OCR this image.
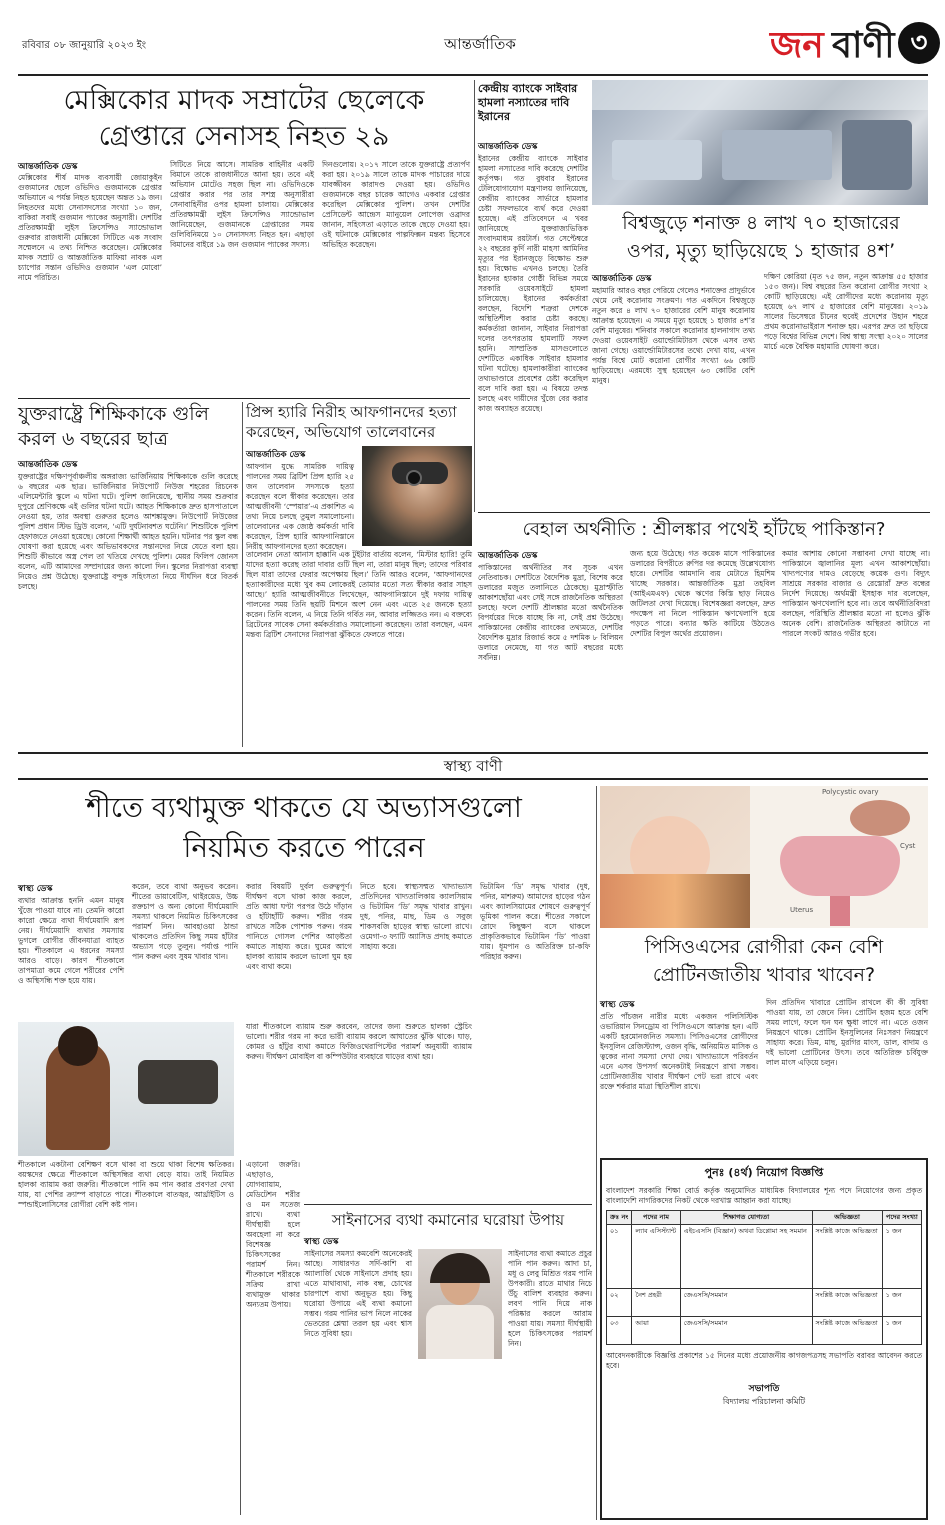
রবিবার ০৮ জানুয়ারি ২০২৩ ইং	আন্তর্জাতিক	জন বাণী ৩
মেক্সিকোর মাদক সম্রাটের ছেলেকে
গ্রেপ্তারে সেনাসহ নিহত ২৯
আন্তর্জাতিক ডেস্ক
মেক্সিকোর শীর্ষ মাদক ব্যবসায়ী জোয়াকুইন গুজমানের ছেলে ওভিদিও গুজমানকে গ্রেপ্তার অভিযানে এ পর্যন্ত নিহত হয়েছেন অন্তত ১৯ জন। নিহতদের মধ্যে সেনাসদস্যের সংখ্যা ১০ জন, বাকিরা সবাই গুজমান প্যাকের অনুসারী। দেশটির প্রতিরক্ষামন্ত্রী লুইস ক্রিসেন্সিও স্যান্ডোভাল গুরুবার রাজধানী মেক্সিকো সিটিতে এক সংবাদ সম্মেলনে এ তথ্য নিশ্চিত করেছেন। মেক্সিকোর মাদক সম্রাট ও আন্তর্জাতিক মাফিয়া নাবক এল চ্যাপোর সন্তান ওভিদিও গুজমান ‘এল মোবো’ নামে পরিচিত।
সিটিতে নিয়ে আসে। সামরিক বাহিনীর একটি বিমানে তাকে রাজধানীতে আনা হয়। তবে এই অভিযান মোটেও সহজ ছিল না। ওভিদিওকে গ্রেপ্তার করার পর তার সশস্ত্র অনুসারীরা সেনাবাহিনীর ওপর হামলা চালায়। মেক্সিকোর প্রতিরক্ষামন্ত্রী লুইস ক্রিসেন্সিও স্যান্ডোভাল জানিয়েছেন, গুজমানকে গ্রেপ্তারের সময় গুলিবিনিময়ে ১০ সেনাসদস্য নিহত হন। এছাড়া বিমানের বাইরে ১৯ জন গুজমান প্যাকের সদস্য।
দিনগুলোয়। ২০১৭ সালে তাকে যুক্তরাষ্ট্রে প্রত্যর্পণ করা হয়। ২০১৯ সালে তাকে মাদক পাচারের দায়ে যাবজ্জীবন কারাদণ্ড দেওয়া হয়। ওভিদিও গুজমানকে বছর চারেক আগেও একবার গ্রেপ্তার করেছিল মেক্সিকোর পুলিশ। তখন দেশটির প্রেসিডেন্ট আন্দ্রেস ম্যানুয়েল লোপেজ ওব্রাদর জানান, সহিংসতা এড়াতে তাকে ছেড়ে দেওয়া হয়। ওই ঘটনাকে মেক্সিকোর পাল্পফিক্সন মন্তব্য হিসেবে অভিহিত করেছেন।
কেন্দ্রীয় ব্যাংকে সাইবার হামলা নস্যাতের দাবি ইরানের
আন্তর্জাতিক ডেস্ক
ইরানের কেন্দ্রীয় ব্যাংকে সাইবার হামলা নস্যাতের দাবি করেছে দেশটির কর্তৃপক্ষ। গত বুধবার ইরানের টেলিযোগাযোগ মন্ত্রণালয় জানিয়েছে, কেন্দ্রীয় ব্যাংকের সার্ভারে হামলার চেষ্টা সফলভাবে ব্যর্থ করে দেওয়া হয়েছে। এই প্রতিবেদনে এ খবর জানিয়েছে যুক্তরাজ্যভিত্তিক সংবাদমাধ্যম রয়টার্স। গত সেপ্টেম্বরে ২২ বছরের কুর্দি নারী মাহসা আমিনির মৃত্যুর পর ইরানজুড়ে বিক্ষোভ শুরু হয়। বিক্ষোভ এখনও চলছে। তৈরি ইরানের হ্যাকার গোষ্ঠী বিভিন্ন সময়ে সরকারি ওয়েবসাইটে হামলা চালিয়েছে। ইরানের কর্মকর্তারা বলছেন, বিদেশি শত্রুরা দেশকে অস্থিতিশীল করার চেষ্টা করছে। কর্মকর্তারা জানান, সাইবার নিরাপত্তা দলের তৎপরতায় হামলাটি সফল হয়নি। সাম্প্রতিক মাসগুলোতে দেশটিতে একাধিক সাইবার হামলার ঘটনা ঘটেছে। হামলাকারীরা ব্যাংকের তথ্যভাণ্ডারে প্রবেশের চেষ্টা করেছিল বলে দাবি করা হয়। এ বিষয়ে তদন্ত চলছে এবং দায়ীদের খুঁজে বের করার কাজ অব্যাহত রয়েছে।
বিশ্বজুড়ে শনাক্ত ৪ লাখ ৭০ হাজারের
ওপর, মৃত্যু ছাড়িয়েছে ১ হাজার ৪শ’
আন্তর্জাতিক ডেস্ক
মহামারি আরও বছর পেরিয়ে গেলেও শনাক্তের প্রাদুর্ভাবে থেমে নেই করোনায় সংক্রমণ। গত একদিনে বিশ্বজুড়ে নতুন করে ৪ লাখ ৭০ হাজারের বেশি মানুষ করোনায় আক্রান্ত হয়েছেন। এ সময়ে মৃত্যু হয়েছে ১ হাজার ৪শ’র বেশি মানুষের। শনিবার সকালে করোনার হালনাগাদ তথ্য দেওয়া ওয়েবসাইট ওয়ার্ল্ডোমিটারস থেকে এসব তথ্য জানা গেছে। ওয়ার্ল্ডোমিটারসের তথ্যে দেখা যায়, এখন পর্যন্ত বিশ্বে মোট করোনা রোগীর সংখ্যা ৬৬ কোটি ছাড়িয়েছে। এরমধ্যে সুস্থ হয়েছেন ৬৩ কোটির বেশি মানুষ।
দক্ষিণ কোরিয়া (মৃত ৭৫ জন, নতুন আক্রান্ত ৫৫ হাজার ১৫৩ জন)। বিশ্ব বছরের তিন করোনা রোগীর সংখ্যা ২ কোটি ছাড়িয়েছে। এই রোগীদের মধ্যে করোনায় মৃত্যু হয়েছে ৬৭ লাখ ৫ হাজারের বেশি মানুষের। ২০১৯ সালের ডিসেম্বরে চীনের হুবেই প্রদেশের উহান শহরে প্রথম করোনাভাইরাস শনাক্ত হয়। এরপর দ্রুত তা ছড়িয়ে পড়ে বিশ্বের বিভিন্ন দেশে। বিশ্ব স্বাস্থ্য সংস্থা ২০২০ সালের মার্চে একে বৈশ্বিক মহামারি ঘোষণা করে।
যুক্তরাষ্ট্রে শিক্ষিকাকে গুলি করল ৬ বছরের ছাত্র
আন্তর্জাতিক ডেস্ক
যুক্তরাষ্ট্রের দক্ষিণপূর্বাঞ্চলীয় অঙ্গরাজ্য ভার্জিনিয়ায় শিক্ষিকাকে গুলি করেছে ৬ বছরের এক ছাত্র। ভার্জিনিয়ার নিউপোর্ট নিউজ শহরের রিচনেক এলিমেন্টারি স্কুলে এ ঘটনা ঘটে। পুলিশ জানিয়েছে, স্থানীয় সময় শুক্রবার দুপুরে শ্রেণিকক্ষে এই গুলির ঘটনা ঘটে। আহত শিক্ষিকাকে দ্রুত হাসপাতালে নেওয়া হয়, তার অবস্থা গুরুতর হলেও আশঙ্কামুক্ত। নিউপোর্ট নিউজের পুলিশ প্রধান স্টিভ ড্রিউ বলেন, ‘এটি দুর্ঘটনাবশত ঘটেনি।’ শিশুটিকে পুলিশ হেফাজতে নেওয়া হয়েছে। কোনো শিক্ষার্থী আহত হয়নি। ঘটনার পর স্কুল বন্ধ ঘোষণা করা হয়েছে এবং অভিভাবকদের সন্তানদের নিয়ে যেতে বলা হয়। শিশুটি কীভাবে অস্ত্র পেল তা খতিয়ে দেখছে পুলিশ। মেয়র ফিলিপ জোনস বলেন, এটি আমাদের সম্প্রদায়ের জন্য কালো দিন। স্কুলের নিরাপত্তা ব্যবস্থা নিয়েও প্রশ্ন উঠেছে। যুক্তরাষ্ট্রে বন্দুক সহিংসতা নিয়ে দীর্ঘদিন ধরে বিতর্ক চলছে।
প্রিন্স হ্যারি নিরীহ আফগানদের হত্যা করেছেন, অভিযোগ তালেবানের
আন্তর্জাতিক ডেস্ক
আফগান যুদ্ধে সামরিক দায়িত্ব পালনের সময় ব্রিটিশ প্রিন্স হ্যারি ২৫ জন তালেবান সদস্যকে হত্যা করেছেন বলে স্বীকার করেছেন। তার আত্মজীবনী ‘স্পেয়ার’-এ প্রকাশিত এ তথ্য নিয়ে চলছে তুমুল সমালোচনা। তালেবানের এক জ্যেষ্ঠ কর্মকর্তা দাবি করেছেন, প্রিন্স হ্যারি আফগানিস্তানে নিরীহ আফগানদের হত্যা করেছেন।
তালেবান নেতা আনাস হাক্কানি এক টুইটার বার্তায় বলেন, ‘মিস্টার হ্যারি! তুমি যাদের হত্যা করেছ তারা দাবার গুটি ছিল না, তারা মানুষ ছিল; তাদের পরিবার ছিল যারা তাদের ফেরার অপেক্ষায় ছিল।’ তিনি আরও বলেন, ‘আফগানদের হত্যাকারীদের মধ্যে খুব কম লোকেরই তোমার মতো সত্য স্বীকার করার সাহস আছে।’ হ্যারি আত্মজীবনীতে লিখেছেন, আফগানিস্তানে দুই দফায় দায়িত্ব পালনের সময় তিনি ছয়টি মিশনে অংশ নেন এবং এতে ২৫ জনকে হত্যা করেন। তিনি বলেন, এ নিয়ে তিনি গর্বিত নন, আবার লজ্জিতও নন। এ বক্তব্যে ব্রিটেনের সাবেক সেনা কর্মকর্তারাও সমালোচনা করেছেন। তারা বলছেন, এমন মন্তব্য ব্রিটিশ সেনাদের নিরাপত্তা ঝুঁকিতে ফেলতে পারে।
বেহাল অর্থনীতি : শ্রীলঙ্কার পথেই হাঁটছে পাকিস্তান?
আন্তর্জাতিক ডেস্ক
পাকিস্তানের অর্থনীতির সব সূচক এখন নেতিবাচক। দেশটিতে বৈদেশিক মুদ্রা, বিশেষ করে ডলারের মজুত তলানিতে ঠেকেছে। মুদ্রাস্ফীতি আকাশছোঁয়া এবং সেই সঙ্গে রাজনৈতিক অস্থিরতা চলছে। ফলে দেশটি শ্রীলঙ্কার মতো অর্থনৈতিক বিপর্যয়ের দিকে যাচ্ছে কি না, সেই প্রশ্ন উঠেছে। পাকিস্তানের কেন্দ্রীয় ব্যাংকের তথ্যমতে, দেশটির বৈদেশিক মুদ্রার রিজার্ভ কমে ৫ দশমিক ৮ বিলিয়ন ডলারে নেমেছে, যা গত আট বছরের মধ্যে সর্বনিম্ন।
জন্য হয়ে উঠেছে। গত কয়েক মাসে পাকিস্তানের ডলারের বিপরীতে রুপির দর কমেছে উল্লেখযোগ্য হারে। দেশটির আমদানি ব্যয় মেটাতে হিমশিম খাচ্ছে সরকার। আন্তর্জাতিক মুদ্রা তহবিল (আইএমএফ) থেকে ঋণের কিস্তি ছাড় নিয়েও জটিলতা দেখা দিয়েছে। বিশেষজ্ঞরা বলছেন, দ্রুত পদক্ষেপ না নিলে পাকিস্তান ঋণখেলাপি হয়ে পড়তে পারে। বন্যার ক্ষতি কাটিয়ে উঠতেও দেশটির বিপুল অর্থের প্রয়োজন।
কমার আশায় কোনো সম্ভাবনা দেখা যাচ্ছে না। পাকিস্তানে জ্বালানির মূল্য এখন আকাশছোঁয়া। খাদ্যপণ্যের দামও বেড়েছে কয়েক গুণ। বিদ্যুৎ সাশ্রয়ে সরকার বাজার ও রেস্তোরাঁ দ্রুত বন্ধের নির্দেশ দিয়েছে। অর্থমন্ত্রী ইসহাক দার বলেছেন, পাকিস্তান ঋণখেলাপি হবে না। তবে অর্থনীতিবিদরা বলছেন, পরিস্থিতি শ্রীলঙ্কার মতো না হলেও ঝুঁকি অনেক বেশি। রাজনৈতিক অস্থিরতা কাটাতে না পারলে সংকট আরও গভীর হবে।
স্বাস্থ্য বাণী
শীতে ব্যথামুক্ত থাকতে যে অভ্যাসগুলো
নিয়মিত করতে পারেন
স্বাস্থ্য ডেস্ক
ব্যথার আক্রান্ত হননি এমন মানুষ খুঁজে পাওয়া যাবে না। তেমনি কারো কারো ক্ষেত্রে ব্যথা দীর্ঘমেয়াদি রূপ নেয়। দীর্ঘমেয়াদি ব্যথার সমস্যায় ভুগলে রোগীর জীবনযাত্রা ব্যাহত হয়। শীতকালে এ ধরনের সমস্যা আরও বাড়ে। কারণ শীতকালে তাপমাত্রা কমে গেলে শরীরের পেশি ও অস্থিসন্ধি শক্ত হয়ে যায়।
করেন, তবে ব্যথা অনুভব করেন। শীতের ডায়াবেটিস, থাইরয়েড, উচ্চ রক্তচাপ ও অন্য কোনো দীর্ঘমেয়াদি সমস্যা থাকলে নিয়মিত চিকিৎসকের পরামর্শ নিন। আবহাওয়া ঠান্ডা থাকলেও প্রতিদিন কিছু সময় হাঁটার অভ্যাস গড়ে তুলুন। পর্যাপ্ত পানি পান করুন এবং সুষম খাবার খান।
করার বিষয়টি দুর্বল গুরুত্বপূর্ণ। দীর্ঘক্ষণ বসে থাকা কাজ করলে, প্রতি আধা ঘণ্টা পরপর উঠে দাঁড়ান ও হাঁটাহাঁটি করুন। শরীর গরম রাখতে সঠিক পোশাক পরুন। গরম পানিতে গোসল পেশির আড়ষ্টতা কমাতে সাহায্য করে। ঘুমের আগে হালকা ব্যায়াম করলে ভালো ঘুম হয় এবং ব্যথা কমে।
নিতে হবে। স্বাস্থ্যসম্মত খাদ্যাভ্যাস প্রতিদিনের খাদ্যতালিকায় ক্যালসিয়াম ও ভিটামিন ‘ডি’ সমৃদ্ধ খাবার রাখুন। দুধ, পনির, মাছ, ডিম ও সবুজ শাকসবজি হাড়ের স্বাস্থ্য ভালো রাখে। ওমেগা-৩ ফ্যাটি অ্যাসিড প্রদাহ কমাতে সাহায্য করে।
ভিটামিন ‘ডি’ সমৃদ্ধ খাবার (দুধ, পনির, মাশরুম) আমাদের হাড়ের গঠন এবং ক্যালসিয়ামের শোষণে গুরুত্বপূর্ণ ভূমিকা পালন করে। শীতের সকালে রোদে কিছুক্ষণ বসে থাকলে প্রাকৃতিকভাবে ভিটামিন ‘ডি’ পাওয়া যায়। ধূমপান ও অতিরিক্ত চা-কফি পরিহার করুন।
যারা শীতকালে ব্যায়াম শুরু করবেন, তাদের জন্য শুরুতে হালকা স্ট্রেচিং ভালো। শরীর গরম না করে ভারী ব্যায়াম করলে আঘাতের ঝুঁকি থাকে। ঘাড়, কোমর ও হাঁটুর ব্যথা কমাতে ফিজিওথেরাপিস্টের পরামর্শ অনুযায়ী ব্যায়াম করুন। দীর্ঘক্ষণ মোবাইল বা কম্পিউটার ব্যবহারে ঘাড়ের ব্যথা হয়।
শীতকালে একটানা বেশিক্ষণ বসে থাকা বা শুয়ে থাকা বিশেষ ক্ষতিকর। বয়স্কদের ক্ষেত্রে শীতকালে অস্থিসন্ধির ব্যথা বেড়ে যায়। তাই নিয়মিত হালকা ব্যায়াম করা জরুরি। শীতকালে পানি কম পান করার প্রবণতা দেখা যায়, যা পেশির ক্র্যাম্প বাড়াতে পারে। শীতকালে বাতজ্বর, আর্থ্রাইটিস ও স্পন্ডাইলোসিসের রোগীরা বেশি কষ্ট পান।
এড়ানো জরুরি। এছাড়াও, যোগব্যায়াম, মেডিটেশন শরীর ও মন সতেজ রাখে। ব্যথা দীর্ঘস্থায়ী হলে অবহেলা না করে বিশেষজ্ঞ চিকিৎসকের পরামর্শ নিন। শীতকালে শরীরকে সক্রিয় রাখা ব্যথামুক্ত থাকার অন্যতম উপায়।
সাইনাসের ব্যথা কমানোর ঘরোয়া উপায়
স্বাস্থ্য ডেস্ক
সাইনাসের সমস্যা কমবেশি অনেকেরই আছে। সাধারণত সর্দি-কাশি বা অ্যালার্জি থেকে সাইনাসে প্রদাহ হয়। এতে মাথাব্যথা, নাক বন্ধ, চোখের চারপাশে ব্যথা অনুভূত হয়। কিছু ঘরোয়া উপায়ে এই ব্যথা কমানো সম্ভব। গরম পানির ভাপ নিলে নাকের ভেতরের শ্লেষ্মা তরল হয় এবং শ্বাস নিতে সুবিধা হয়।
সাইনাসের ব্যথা কমাতে প্রচুর পানি পান করুন। আদা চা, মধু ও লেবু মিশ্রিত গরম পানি উপকারী। রাতে মাথার নিচে উঁচু বালিশ ব্যবহার করুন। লবণ পানি দিয়ে নাক পরিষ্কার করলে আরাম পাওয়া যায়। সমস্যা দীর্ঘস্থায়ী হলে চিকিৎসকের পরামর্শ নিন।
Polycystic ovary
Cyst
Uterus
পিসিওএসের রোগীরা কেন বেশি
প্রোটিনজাতীয় খাবার খাবেন?
স্বাস্থ্য ডেস্ক
প্রতি পাঁচজন নারীর মধ্যে একজন পলিসিস্টিক ওভারিয়ান সিনড্রোম বা পিসিওএসে আক্রান্ত হন। এটি একটি হরমোনজনিত সমস্যা। পিসিওএসের রোগীদের ইনসুলিন রেজিস্ট্যান্স, ওজন বৃদ্ধি, অনিয়মিত মাসিক ও ত্বকের নানা সমস্যা দেখা দেয়। খাদ্যাভ্যাসে পরিবর্তন এনে এসব উপসর্গ অনেকটাই নিয়ন্ত্রণে রাখা সম্ভব। প্রোটিনজাতীয় খাবার দীর্ঘক্ষণ পেট ভরা রাখে এবং রক্তে শর্করার মাত্রা স্থিতিশীল রাখে।
দিন প্রতিদিন খাবারে প্রোটিন রাখলে কী কী সুবিধা পাওয়া যায়, তা জেনে নিন। প্রোটিন হজম হতে বেশি সময় লাগে, ফলে ঘন ঘন ক্ষুধা লাগে না। এতে ওজন নিয়ন্ত্রণে থাকে। প্রোটিন ইনসুলিনের নিঃসরণ নিয়ন্ত্রণে সাহায্য করে। ডিম, মাছ, মুরগির মাংস, ডাল, বাদাম ও দই ভালো প্রোটিনের উৎস। তবে অতিরিক্ত চর্বিযুক্ত লাল মাংস এড়িয়ে চলুন।
পুনঃ (৪র্থ) নিয়োগ বিজ্ঞপ্তি
বাংলাদেশ সরকারি শিক্ষা বোর্ড কর্তৃক অনুমোদিত মাধ্যমিক বিদ্যালয়ের শূন্য পদে নিয়োগের জন্য প্রকৃত বাংলাদেশি নাগরিকদের নিকট থেকে দরখাস্ত আহ্বান করা যাচ্ছে।
ক্রঃ নং	পদের নাম	শিক্ষাগত যোগ্যতা	অভিজ্ঞতা	পদের সংখ্যা
০১	ল্যাব এসিস্ট্যান্ট	এইচএসসি (বিজ্ঞান) অথবা ডিপ্লোমা সহ সমমান	সংশ্লিষ্ট কাজে অভিজ্ঞতা	১ জন
০২	নৈশ প্রহরী	জেএসসি/সমমান	সংশ্লিষ্ট কাজে অভিজ্ঞতা	১ জন
০৩	আয়া	জেএসসি/সমমান	সংশ্লিষ্ট কাজে অভিজ্ঞতা	১ জন
আবেদনকারীকে বিজ্ঞপ্তি প্রকাশের ১৫ দিনের মধ্যে প্রয়োজনীয় কাগজপত্রসহ সভাপতি বরাবর আবেদন করতে হবে।
সভাপতি
বিদ্যালয় পরিচালনা কমিটি
